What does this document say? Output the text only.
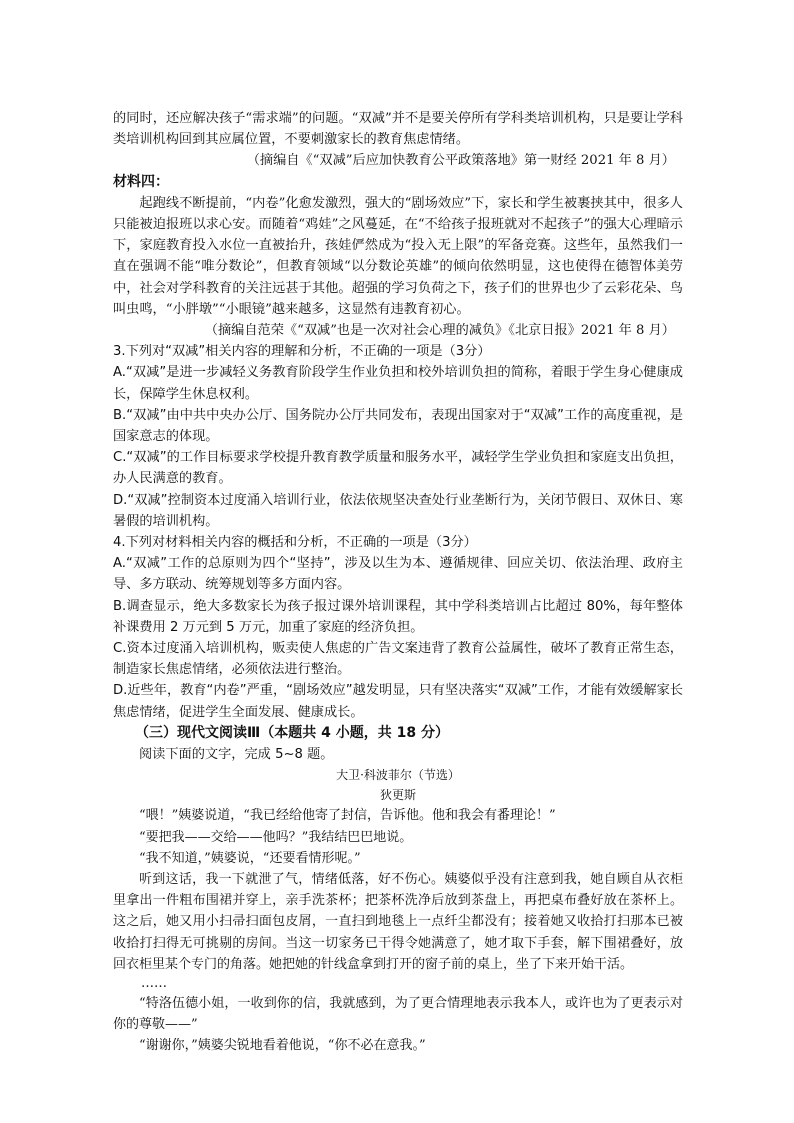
的同时，还应解决孩子“需求端”的问题。“双减”并不是要关停所有学科类培训机构，只是要让学科类培训机构回到其应属位置，不要刺激家长的教育焦虑情绪。

（摘编自《“双减”后应加快教育公平政策落地》第一财经 2021 年 8 月）

材料四：

起跑线不断提前，“内卷”化愈发激烈，强大的“剧场效应”下，家长和学生被裹挟其中，很多人只能被迫报班以求心安。而随着“鸡娃”之风蔓延，在“不给孩子报班就对不起孩子”的强大心理暗示下，家庭教育投入水位一直被抬升，孩娃俨然成为“投入无上限”的军备竞赛。这些年，虽然我们一直在强调不能“唯分数论”，但教育领域“以分数论英雄”的倾向依然明显，这也使得在德智体美劳中，社会对学科教育的关注远甚于其他。超强的学习负荷之下，孩子们的世界也少了云彩花朵、鸟叫虫鸣，“小胖墩”“小眼镜”越来越多，这显然有违教育初心。

（摘编自范荣《“双减”也是一次对社会心理的减负》《北京日报》2021 年 8 月）

3.下列对“双减”相关内容的理解和分析，不正确的一项是（3分）

A.“双减”是进一步减轻义务教育阶段学生作业负担和校外培训负担的简称，着眼于学生身心健康成长，保障学生休息权利。

B.“双减”由中共中央办公厅、国务院办公厅共同发布，表现出国家对于“双减”工作的高度重视，是国家意志的体现。

C.“双减”的工作目标要求学校提升教育教学质量和服务水平，减轻学生学业负担和家庭支出负担，办人民满意的教育。

D.“双减”控制资本过度涌入培训行业，依法依规坚决查处行业垄断行为，关闭节假日、双休日、寒暑假的培训机构。

4.下列对材料相关内容的概括和分析，不正确的一项是（3分）

A.“双减”工作的总原则为四个“坚持”，涉及以生为本、遵循规律、回应关切、依法治理、政府主导、多方联动、统筹规划等多方面内容。

B.调查显示，绝大多数家长为孩子报过课外培训课程，其中学科类培训占比超过 80%，每年整体补课费用 2 万元到 5 万元，加重了家庭的经济负担。

C.资本过度涌入培训机构，贩卖使人焦虑的广告文案违背了教育公益属性，破坏了教育正常生态，制造家长焦虑情绪，必须依法进行整治。

D.近些年，教育“内卷”严重，“剧场效应”越发明显，只有坚决落实“双减”工作，才能有效缓解家长焦虑情绪，促进学生全面发展、健康成长。

（三）现代文阅读Ⅲ（本题共 4 小题，共 18 分）

阅读下面的文字，完成 5~8 题。

大卫·科波菲尔（节选）

狄更斯

“喂！”姨婆说道，“我已经给他寄了封信，告诉他。他和我会有番理论！”

“要把我——交给——他吗？”我结结巴巴地说。

“我不知道，”姨婆说，“还要看情形呢。”

听到这话，我一下就泄了气，情绪低落，好不伤心。姨婆似乎没有注意到我，她自顾自从衣柜里拿出一件粗布围裙并穿上，亲手洗茶杯；把茶杯洗净后放到茶盘上，再把桌布叠好放在茶杯上。这之后，她又用小扫帚扫面包皮屑，一直扫到地毯上一点纤尘都没有；接着她又收拾打扫那本已被收拾打扫得无可挑剔的房间。当这一切家务已干得令她满意了，她才取下手套，解下围裙叠好，放回衣柜里某个专门的角落。她把她的针线盒拿到打开的窗子前的桌上，坐了下来开始干活。

……

“特洛伍德小姐，一收到你的信，我就感到，为了更合情理地表示我本人，或许也为了更表示对你的尊敬——”

“谢谢你，”姨婆尖锐地看着他说，“你不必在意我。”
